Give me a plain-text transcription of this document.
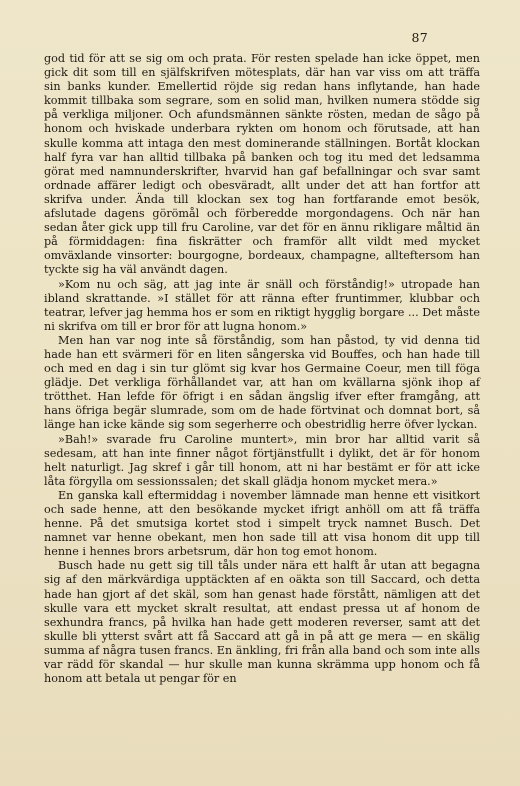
87

god tid för att se sig om och prata. För resten spelade han icke öppet, men gick dit som till en själfskrifven mötesplats, där han var viss om att träffa sin banks kunder. Emellertid röjde sig redan hans inflytande, han hade kommit tillbaka som segrare, som en solid man, hvilken numera stödde sig på verkliga miljoner. Och afundsmännen sänkte rösten, medan de sågo på honom och hviskade underbara rykten om honom och förutsade, att han skulle komma att intaga den mest dominerande ställningen. Bortåt klockan half fyra var han alltid tillbaka på banken och tog itu med det ledsamma görat med namnunderskrifter, hvarvid han gaf befallningar och svar samt ordnade affärer ledigt och obesväradt, allt under det att han fortfor att skrifva under. Ända till klockan sex tog han fortfarande emot besök, afslutade dagens görömål och förberedde morgondagens. Och när han sedan åter gick upp till fru Caroline, var det för en ännu rikligare måltid än på förmiddagen: fina fiskrätter och framför allt vildt med mycket omväxlande vinsorter: bourgogne, bordeaux, champagne, allteftersom han tyckte sig ha väl användt dagen.

»Kom nu och säg, att jag inte är snäll och förståndig!» utropade han ibland skrattande. »I stället för att ränna efter fruntimmer, klubbar och teatrar, lefver jag hemma hos er som en riktigt hygglig borgare ... Det måste ni skrifva om till er bror för att lugna honom.»

Men han var nog inte så förståndig, som han påstod, ty vid denna tid hade han ett svärmeri för en liten sångerska vid Bouffes, och han hade till och med en dag i sin tur glömt sig kvar hos Germaine Coeur, men till föga glädje. Det verkliga förhållandet var, att han om kvällarna sjönk ihop af trötthet. Han lefde för öfrigt i en sådan ängslig ifver efter framgång, att hans öfriga begär slumrade, som om de hade förtvinat och domnat bort, så länge han icke kände sig som segerherre och obestridlig herre öfver lyckan.

»Bah!» svarade fru Caroline muntert», min bror har alltid varit så sedesam, att han inte finner något förtjänstfullt i dylikt, det är för honom helt naturligt. Jag skref i går till honom, att ni har bestämt er för att icke låta förgylla om sessionssalen; det skall glädja honom mycket mera.»

En ganska kall eftermiddag i november lämnade man henne ett visitkort och sade henne, att den besökande mycket ifrigt anhöll om att få träffa henne. På det smutsiga kortet stod i simpelt tryck namnet Busch. Det namnet var henne obekant, men hon sade till att visa honom dit upp till henne i hennes brors arbetsrum, där hon tog emot honom.

Busch hade nu gett sig till tåls under nära ett halft år utan att begagna sig af den märkvärdiga upptäckten af en oäkta son till Saccard, och detta hade han gjort af det skäl, som han genast hade förstått, nämligen att det skulle vara ett mycket skralt resultat, att endast pressa ut af honom de sexhundra francs, på hvilka han hade gett moderen reverser, samt att det skulle bli ytterst svårt att få Saccard att gå in på att ge mera — en skälig summa af några tusen francs. En änkling, fri från alla band och som inte alls var rädd för skandal — hur skulle man kunna skrämma upp honom och få honom att betala ut pengar för en
